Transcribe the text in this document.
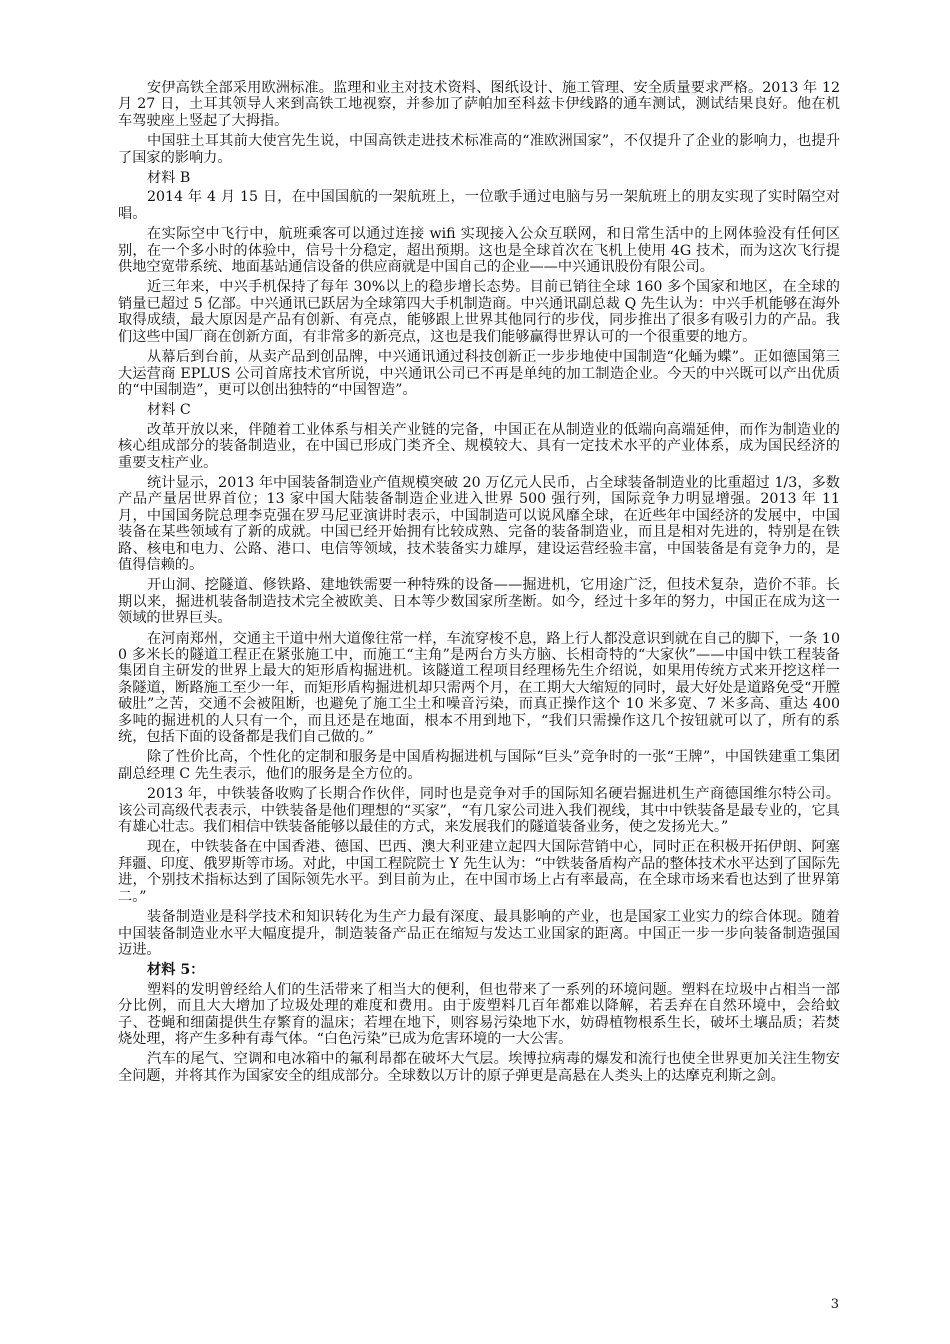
安伊高铁全部采用欧洲标准。监理和业主对技术资料、图纸设计、施工管理、安全质量要求严格。2013 年 12 月 27 日，土耳其领导人来到高铁工地视察，并参加了萨帕加至科兹卡伊线路的通车测试，测试结果良好。他在机车驾驶座上竖起了大拇指。

中国驻土耳其前大使宫先生说，中国高铁走进技术标准高的“准欧洲国家”，不仅提升了企业的影响力，也提升了国家的影响力。

材料 B

2014 年 4 月 15 日，在中国国航的一架航班上，一位歌手通过电脑与另一架航班上的朋友实现了实时隔空对唱。

在实际空中飞行中，航班乘客可以通过连接 wifi 实现接入公众互联网，和日常生活中的上网体验没有任何区别，在一个多小时的体验中，信号十分稳定，超出预期。这也是全球首次在飞机上使用 4G 技术，而为这次飞行提供地空宽带系统、地面基站通信设备的供应商就是中国自己的企业——中兴通讯股份有限公司。

近三年来，中兴手机保持了每年 30%以上的稳步增长态势。目前已销往全球 160 多个国家和地区，在全球的销量已超过 5 亿部。中兴通讯已跃居为全球第四大手机制造商。中兴通讯副总裁 Q 先生认为：中兴手机能够在海外取得成绩，最大原因是产品有创新、有亮点，能够跟上世界其他同行的步伐，同步推出了很多有吸引力的产品。我们这些中国厂商在创新方面，有非常多的新亮点，这也是我们能够赢得世界认可的一个很重要的地方。

从幕后到台前，从卖产品到创品牌，中兴通讯通过科技创新正一步步地使中国制造“化蛹为蝶”。正如德国第三大运营商 EPLUS 公司首席技术官所说，中兴通讯公司已不再是单纯的加工制造企业。今天的中兴既可以产出优质的“中国制造”，更可以创出独特的“中国智造”。

材料 C

改革开放以来，伴随着工业体系与相关产业链的完备，中国正在从制造业的低端向高端延伸，而作为制造业的核心组成部分的装备制造业，在中国已形成门类齐全、规模较大、具有一定技术水平的产业体系，成为国民经济的重要支柱产业。

统计显示，2013 年中国装备制造业产值规模突破 20 万亿元人民币，占全球装备制造业的比重超过 1/3，多数产品产量居世界首位；13 家中国大陆装备制造企业进入世界 500 强行列，国际竞争力明显增强。2013 年 11 月，中国国务院总理李克强在罗马尼亚演讲时表示，中国制造可以说风靡全球，在近些年中国经济的发展中，中国装备在某些领域有了新的成就。中国已经开始拥有比较成熟、完备的装备制造业，而且是相对先进的，特别是在铁路、核电和电力、公路、港口、电信等领域，技术装备实力雄厚，建设运营经验丰富，中国装备是有竞争力的，是值得信赖的。

开山洞、挖隧道、修铁路、建地铁需要一种特殊的设备——掘进机，它用途广泛，但技术复杂，造价不菲。长期以来，掘进机装备制造技术完全被欧美、日本等少数国家所垄断。如今，经过十多年的努力，中国正在成为这一领域的世界巨头。

在河南郑州，交通主干道中州大道像往常一样，车流穿梭不息，路上行人都没意识到就在自己的脚下，一条 100 多米长的隧道工程正在紧张施工中，而施工“主角”是两台方头方脑、长相奇特的“大家伙”——中国中铁工程装备集团自主研发的世界上最大的矩形盾构掘进机。该隧道工程项目经理杨先生介绍说，如果用传统方式来开挖这样一条隧道，断路施工至少一年，而矩形盾构掘进机却只需两个月，在工期大大缩短的同时，最大好处是道路免受“开膛破肚”之苦，交通不会被阻断，也避免了施工尘土和噪音污染，而真正操作这个 10 米多宽、7 米多高、重达 400 多吨的掘进机的人只有一个，而且还是在地面，根本不用到地下，“我们只需操作这几个按钮就可以了，所有的系统，包括下面的设备都是我们自己做的。”

除了性价比高，个性化的定制和服务是中国盾构掘进机与国际“巨头”竞争时的一张“王牌”，中国铁建重工集团副总经理 C 先生表示，他们的服务是全方位的。

2013 年，中铁装备收购了长期合作伙伴，同时也是竞争对手的国际知名硬岩掘进机生产商德国维尔特公司。该公司高级代表表示，中铁装备是他们理想的“买家”，“有几家公司进入我们视线，其中中铁装备是最专业的，它具有雄心壮志。我们相信中铁装备能够以最佳的方式，来发展我们的隧道装备业务，使之发扬光大。”

现在，中铁装备在中国香港、德国、巴西、澳大利亚建立起四大国际营销中心，同时正在积极开拓伊朗、阿塞拜疆、印度、俄罗斯等市场。对此，中国工程院院士 Y 先生认为：“中铁装备盾构产品的整体技术水平达到了国际先进，个别技术指标达到了国际领先水平。到目前为止，在中国市场上占有率最高，在全球市场来看也达到了世界第二。”

装备制造业是科学技术和知识转化为生产力最有深度、最具影响的产业，也是国家工业实力的综合体现。随着中国装备制造业水平大幅度提升，制造装备产品正在缩短与发达工业国家的距离。中国正一步一步向装备制造强国迈进。

材料 5：

塑料的发明曾经给人们的生活带来了相当大的便利，但也带来了一系列的环境问题。塑料在垃圾中占相当一部分比例，而且大大增加了垃圾处理的难度和费用。由于废塑料几百年都难以降解，若丢弃在自然环境中，会给蚊子、苍蝇和细菌提供生存繁育的温床；若埋在地下，则容易污染地下水，妨碍植物根系生长，破坏土壤品质；若焚烧处理，将产生多种有毒气体。“白色污染”已成为危害环境的一大公害。

汽车的尾气、空调和电冰箱中的氟利昂都在破坏大气层。埃博拉病毒的爆发和流行也使全世界更加关注生物安全问题，并将其作为国家安全的组成部分。全球数以万计的原子弹更是高悬在人类头上的达摩克利斯之剑。

3
